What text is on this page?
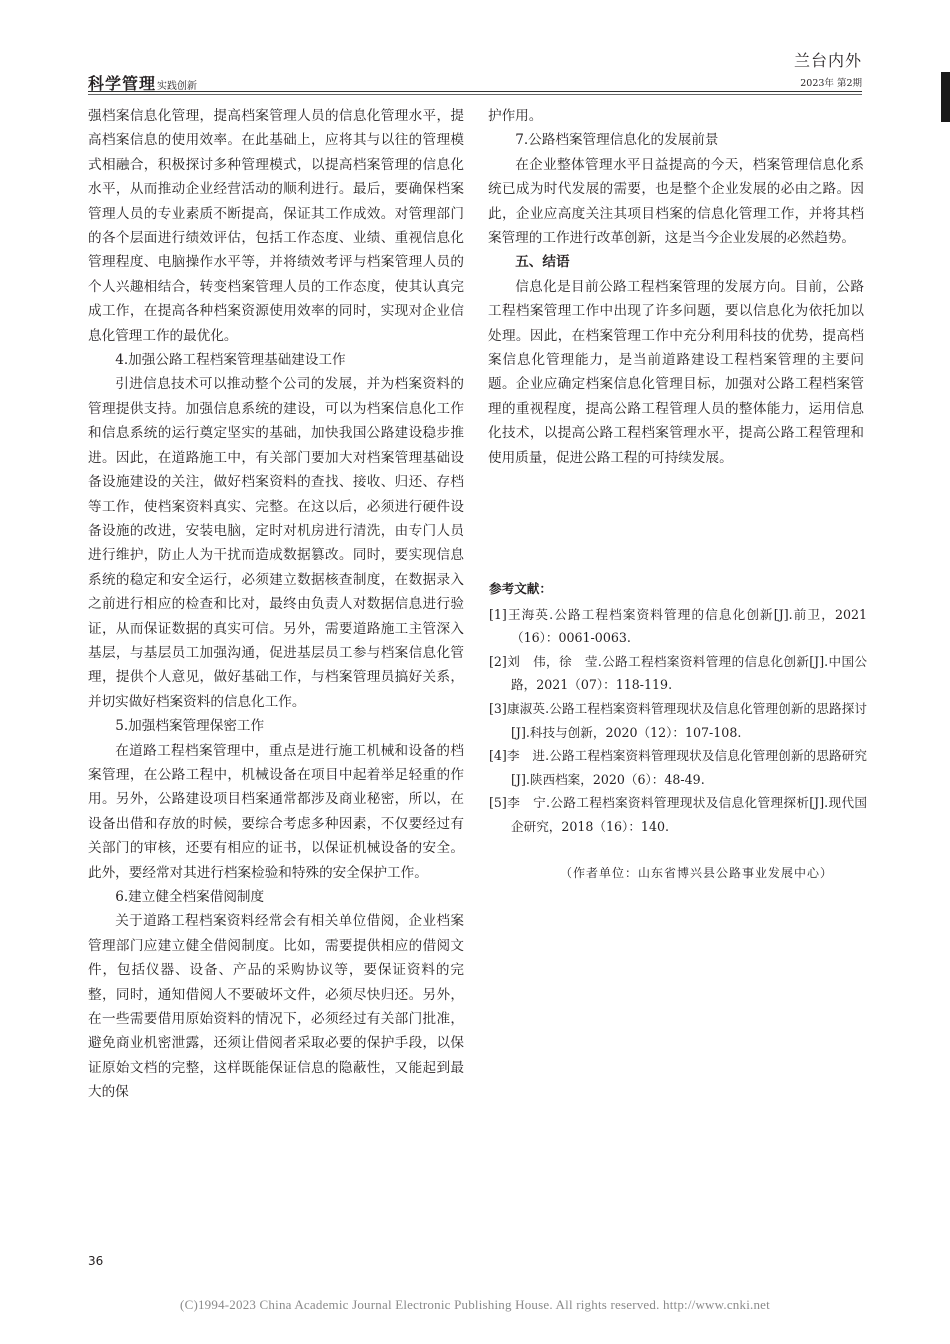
科学管理实践创新
兰台内外
2023年 第2期

强档案信息化管理，提高档案管理人员的信息化管理水平，提高档案信息的使用效率。在此基础上，应将其与以往的管理模式相融合，积极探讨多种管理模式，以提高档案管理的信息化水平，从而推动企业经营活动的顺利进行。最后，要确保档案管理人员的专业素质不断提高，保证其工作成效。对管理部门的各个层面进行绩效评估，包括工作态度、业绩、重视信息化管理程度、电脑操作水平等，并将绩效考评与档案管理人员的个人兴趣相结合，转变档案管理人员的工作态度，使其认真完成工作，在提高各种档案资源使用效率的同时，实现对企业信息化管理工作的最优化。

4.加强公路工程档案管理基础建设工作

引进信息技术可以推动整个公司的发展，并为档案资料的管理提供支持。加强信息系统的建设，可以为档案信息化工作和信息系统的运行奠定坚实的基础，加快我国公路建设稳步推进。因此，在道路施工中，有关部门要加大对档案管理基础设备设施建设的关注，做好档案资料的查找、接收、归还、存档等工作，使档案资料真实、完整。在这以后，必须进行硬件设备设施的改进，安装电脑，定时对机房进行清洗，由专门人员进行维护，防止人为干扰而造成数据篡改。同时，要实现信息系统的稳定和安全运行，必须建立数据核查制度，在数据录入之前进行相应的检查和比对，最终由负责人对数据信息进行验证，从而保证数据的真实可信。另外，需要道路施工主管深入基层，与基层员工加强沟通，促进基层员工参与档案信息化管理，提供个人意见，做好基础工作，与档案管理员搞好关系，并切实做好档案资料的信息化工作。

5.加强档案管理保密工作

在道路工程档案管理中，重点是进行施工机械和设备的档案管理，在公路工程中，机械设备在项目中起着举足轻重的作用。另外，公路建设项目档案通常都涉及商业秘密，所以，在设备出借和存放的时候，要综合考虑多种因素，不仅要经过有关部门的审核，还要有相应的证书，以保证机械设备的安全。此外，要经常对其进行档案检验和特殊的安全保护工作。

6.建立健全档案借阅制度

关于道路工程档案资料经常会有相关单位借阅，企业档案管理部门应建立健全借阅制度。比如，需要提供相应的借阅文件，包括仪器、设备、产品的采购协议等，要保证资料的完整，同时，通知借阅人不要破坏文件，必须尽快归还。另外，在一些需要借用原始资料的情况下，必须经过有关部门批准，避免商业机密泄露，还须让借阅者采取必要的保护手段，以保证原始文档的完整，这样既能保证信息的隐蔽性，又能起到最大的保

护作用。

7.公路档案管理信息化的发展前景

在企业整体管理水平日益提高的今天，档案管理信息化系统已成为时代发展的需要，也是整个企业发展的必由之路。因此，企业应高度关注其项目档案的信息化管理工作，并将其档案管理的工作进行改革创新，这是当今企业发展的必然趋势。

五、结语

信息化是目前公路工程档案管理的发展方向。目前，公路工程档案管理工作中出现了许多问题，要以信息化为依托加以处理。因此，在档案管理工作中充分利用科技的优势，提高档案信息化管理能力，是当前道路建设工程档案管理的主要问题。企业应确定档案信息化管理目标，加强对公路工程档案管理的重视程度，提高公路工程管理人员的整体能力，运用信息化技术，以提高公路工程档案管理水平，提高公路工程管理和使用质量，促进公路工程的可持续发展。

参考文献：

[1]王海英.公路工程档案资料管理的信息化创新[J].前卫，2021（16）：0061-0063.

[2]刘　伟，徐　莹.公路工程档案资料管理的信息化创新[J].中国公路，2021（07）：118-119.

[3]康淑英.公路工程档案资料管理现状及信息化管理创新的思路探讨[J].科技与创新，2020（12）：107-108.

[4]李　进.公路工程档案资料管理现状及信息化管理创新的思路研究[J].陕西档案，2020（6）：48-49.

[5]李　宁.公路工程档案资料管理现状及信息化管理探析[J].现代国企研究，2018（16）：140.

（作者单位：山东省博兴县公路事业发展中心）
36
(C)1994-2023 China Academic Journal Electronic Publishing House. All rights reserved. http://www.cnki.net
